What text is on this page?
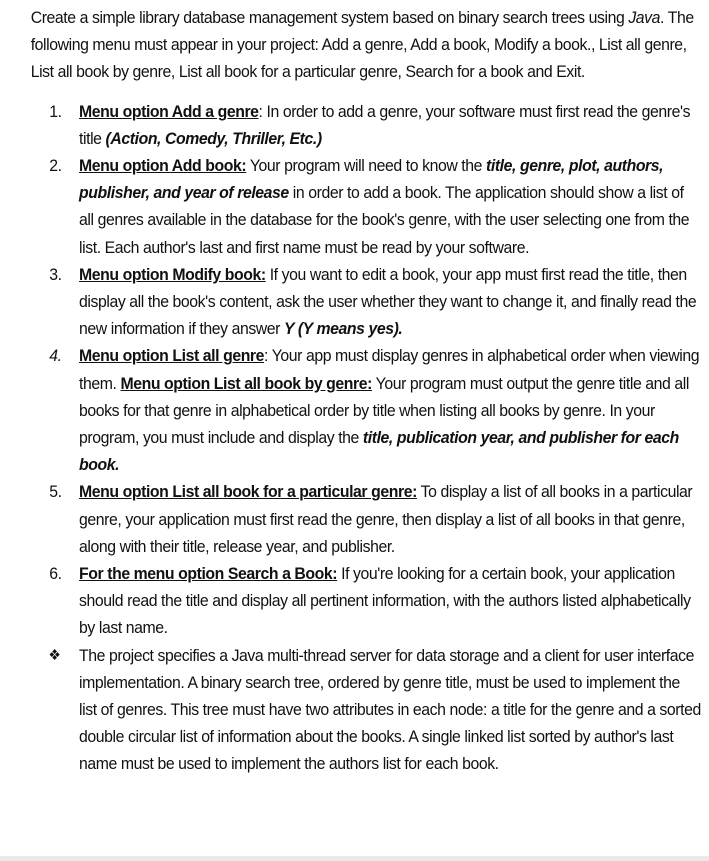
Create a simple library database management system based on binary search trees using Java. The following menu must appear in your project: Add a genre, Add a book, Modify a book., List all genre, List all book by genre, List all book for a particular genre, Search for a book and Exit.

1. Menu option Add a genre: In order to add a genre, your software must first read the genre's title (Action, Comedy, Thriller, Etc.)
2. Menu option Add book: Your program will need to know the title, genre, plot, authors, publisher, and year of release in order to add a book. The application should show a list of all genres available in the database for the book's genre, with the user selecting one from the list. Each author's last and first name must be read by your software.
3. Menu option Modify book: If you want to edit a book, your app must first read the title, then display all the book's content, ask the user whether they want to change it, and finally read the new information if they answer Y (Y means yes).
4. Menu option List all genre: Your app must display genres in alphabetical order when viewing them. Menu option List all book by genre: Your program must output the genre title and all books for that genre in alphabetical order by title when listing all books by genre. In your program, you must include and display the title, publication year, and publisher for each book.
5. Menu option List all book for a particular genre: To display a list of all books in a particular genre, your application must first read the genre, then display a list of all books in that genre, along with their title, release year, and publisher.
6. For the menu option Search a Book: If you're looking for a certain book, your application should read the title and display all pertinent information, with the authors listed alphabetically by last name.
❖ The project specifies a Java multi-thread server for data storage and a client for user interface implementation. A binary search tree, ordered by genre title, must be used to implement the list of genres. This tree must have two attributes in each node: a title for the genre and a sorted double circular list of information about the books. A single linked list sorted by author's last name must be used to implement the authors list for each book.
